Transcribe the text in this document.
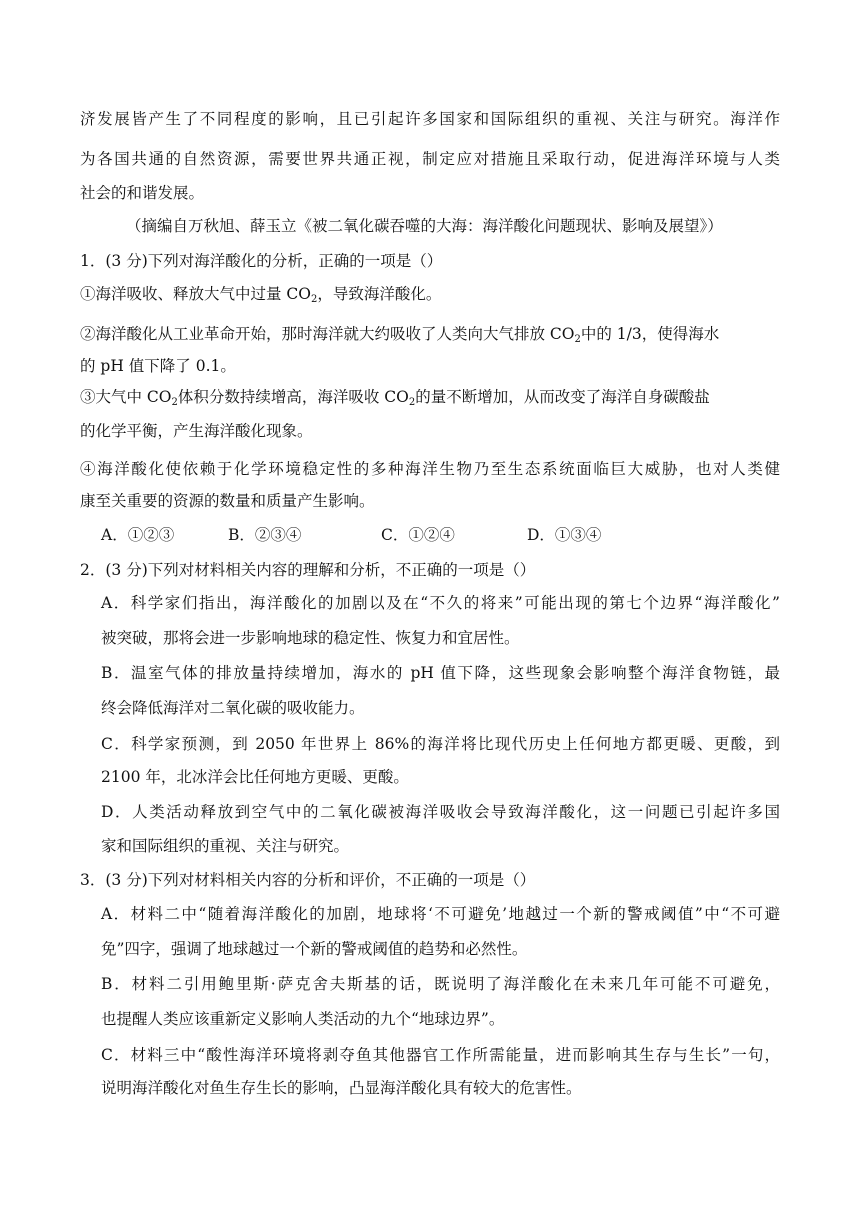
济发展皆产生了不同程度的影响，且已引起许多国家和国际组织的重视、关注与研究。海洋作
为各国共通的自然资源，需要世界共通正视，制定应对措施且采取行动，促进海洋环境与人类
社会的和谐发展。
（摘编自万秋旭、薛玉立《被二氧化碳吞噬的大海：海洋酸化问题现状、影响及展望》）
1．(3 分)下列对海洋酸化的分析，正确的一项是（）
①海洋吸收、释放大气中过量 $CO_2$，导致海洋酸化。
②海洋酸化从工业革命开始，那时海洋就大约吸收了人类向大气排放 $CO_2$中的 1/3，使得海水
的 pH 值下降了 0.1。
③大气中 $CO_2$体积分数持续增高，海洋吸收 $CO_2$的量不断增加，从而改变了海洋自身碳酸盐
的化学平衡，产生海洋酸化现象。
④海洋酸化使依赖于化学环境稳定性的多种海洋生物乃至生态系统面临巨大威胁，也对人类健
康至关重要的资源的数量和质量产生影响。
A．①②③	B．②③④	C．①②④	D．①③④
2．(3 分)下列对材料相关内容的理解和分析，不正确的一项是（）
A．科学家们指出，海洋酸化的加剧以及在“不久的将来”可能出现的第七个边界“海洋酸化”
被突破，那将会进一步影响地球的稳定性、恢复力和宜居性。
B．温室气体的排放量持续增加，海水的 pH 值下降，这些现象会影响整个海洋食物链，最
终会降低海洋对二氧化碳的吸收能力。
C．科学家预测，到 2050 年世界上 86%的海洋将比现代历史上任何地方都更暖、更酸，到
2100 年，北冰洋会比任何地方更暖、更酸。
D．人类活动释放到空气中的二氧化碳被海洋吸收会导致海洋酸化，这一问题已引起许多国
家和国际组织的重视、关注与研究。
3．(3 分)下列对材料相关内容的分析和评价，不正确的一项是（）
A．材料二中“随着海洋酸化的加剧，地球将‘不可避免’地越过一个新的警戒阈值”中“不可避
免”四字，强调了地球越过一个新的警戒阈值的趋势和必然性。
B．材料二引用鲍里斯·萨克舍夫斯基的话，既说明了海洋酸化在未来几年可能不可避免，
也提醒人类应该重新定义影响人类活动的九个“地球边界”。
C．材料三中“酸性海洋环境将剥夺鱼其他器官工作所需能量，进而影响其生存与生长”一句，
说明海洋酸化对鱼生存生长的影响，凸显海洋酸化具有较大的危害性。
